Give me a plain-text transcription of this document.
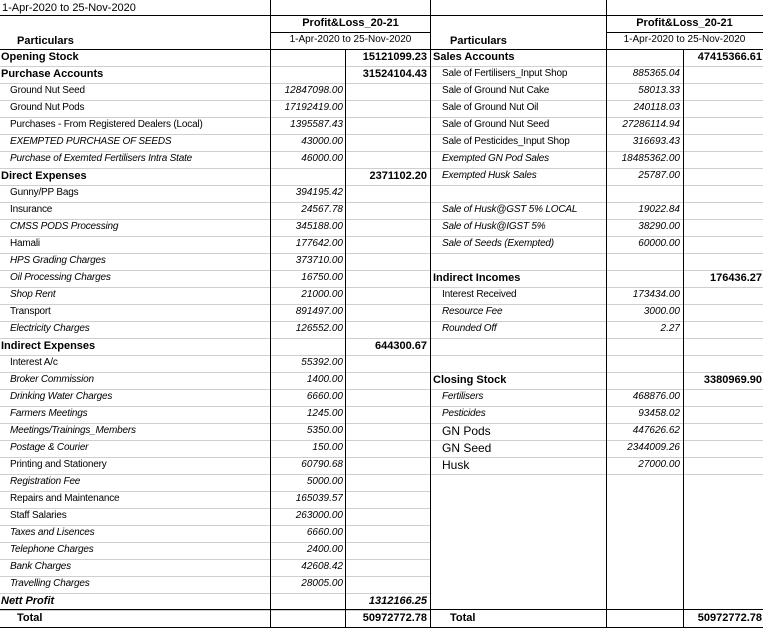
1-Apr-2020 to 25-Nov-2020
Profit&Loss_20-21
1-Apr-2020 to 25-Nov-2020
Particulars
Profit&Loss_20-21
1-Apr-2020 to 25-Nov-2020
Particulars
Opening Stock	15121099.23
Purchase Accounts	31524104.43
Ground Nut Seed	12847098.00
Ground Nut Pods	17192419.00
Purchases - From Registered Dealers (Local)	1395587.43
EXEMPTED PURCHASE OF SEEDS	43000.00
Purchase of Exemted Fertilisers Intra State	46000.00
Direct Expenses	2371102.20
Gunny/PP Bags	394195.42
Insurance	24567.78
CMSS PODS Processing	345188.00
Hamali	177642.00
HPS Grading Charges	373710.00
Oil Processing Charges	16750.00
Shop Rent	21000.00
Transport	891497.00
Electricity Charges	126552.00
Indirect Expenses	644300.67
Interest A/c	55392.00
Broker Commission	1400.00
Drinking Water Charges	6660.00
Farmers Meetings	1245.00
Meetings/Trainings_Members	5350.00
Postage & Courier	150.00
Printing and Stationery	60790.68
Registration Fee	5000.00
Repairs and Maintenance	165039.57
Staff Salaries	263000.00
Taxes and Lisences	6660.00
Telephone Charges	2400.00
Bank Charges	42608.42
Travelling Charges	28005.00
Nett Profit	1312166.25
Sales Accounts	47415366.61
Sale of Fertilisers_Input Shop	885365.04
Sale of Ground Nut Cake	58013.33
Sale of Ground Nut Oil	240118.03
Sale of Ground Nut Seed	27286114.94
Sale of Pesticides_Input Shop	316693.43
Exempted GN Pod Sales	18485362.00
Exempted Husk Sales	25787.00
Sale of Husk@GST 5% LOCAL	19022.84
Sale of Husk@IGST 5%	38290.00
Sale of Seeds (Exempted)	60000.00
Indirect Incomes	176436.27
Interest Received	173434.00
Resource Fee	3000.00
Rounded Off	2.27
Closing Stock	3380969.90
Fertilisers	468876.00
Pesticides	93458.02
GN Pods	447626.62
GN Seed	2344009.26
Husk	27000.00
Total	50972772.78 Total	50972772.78
